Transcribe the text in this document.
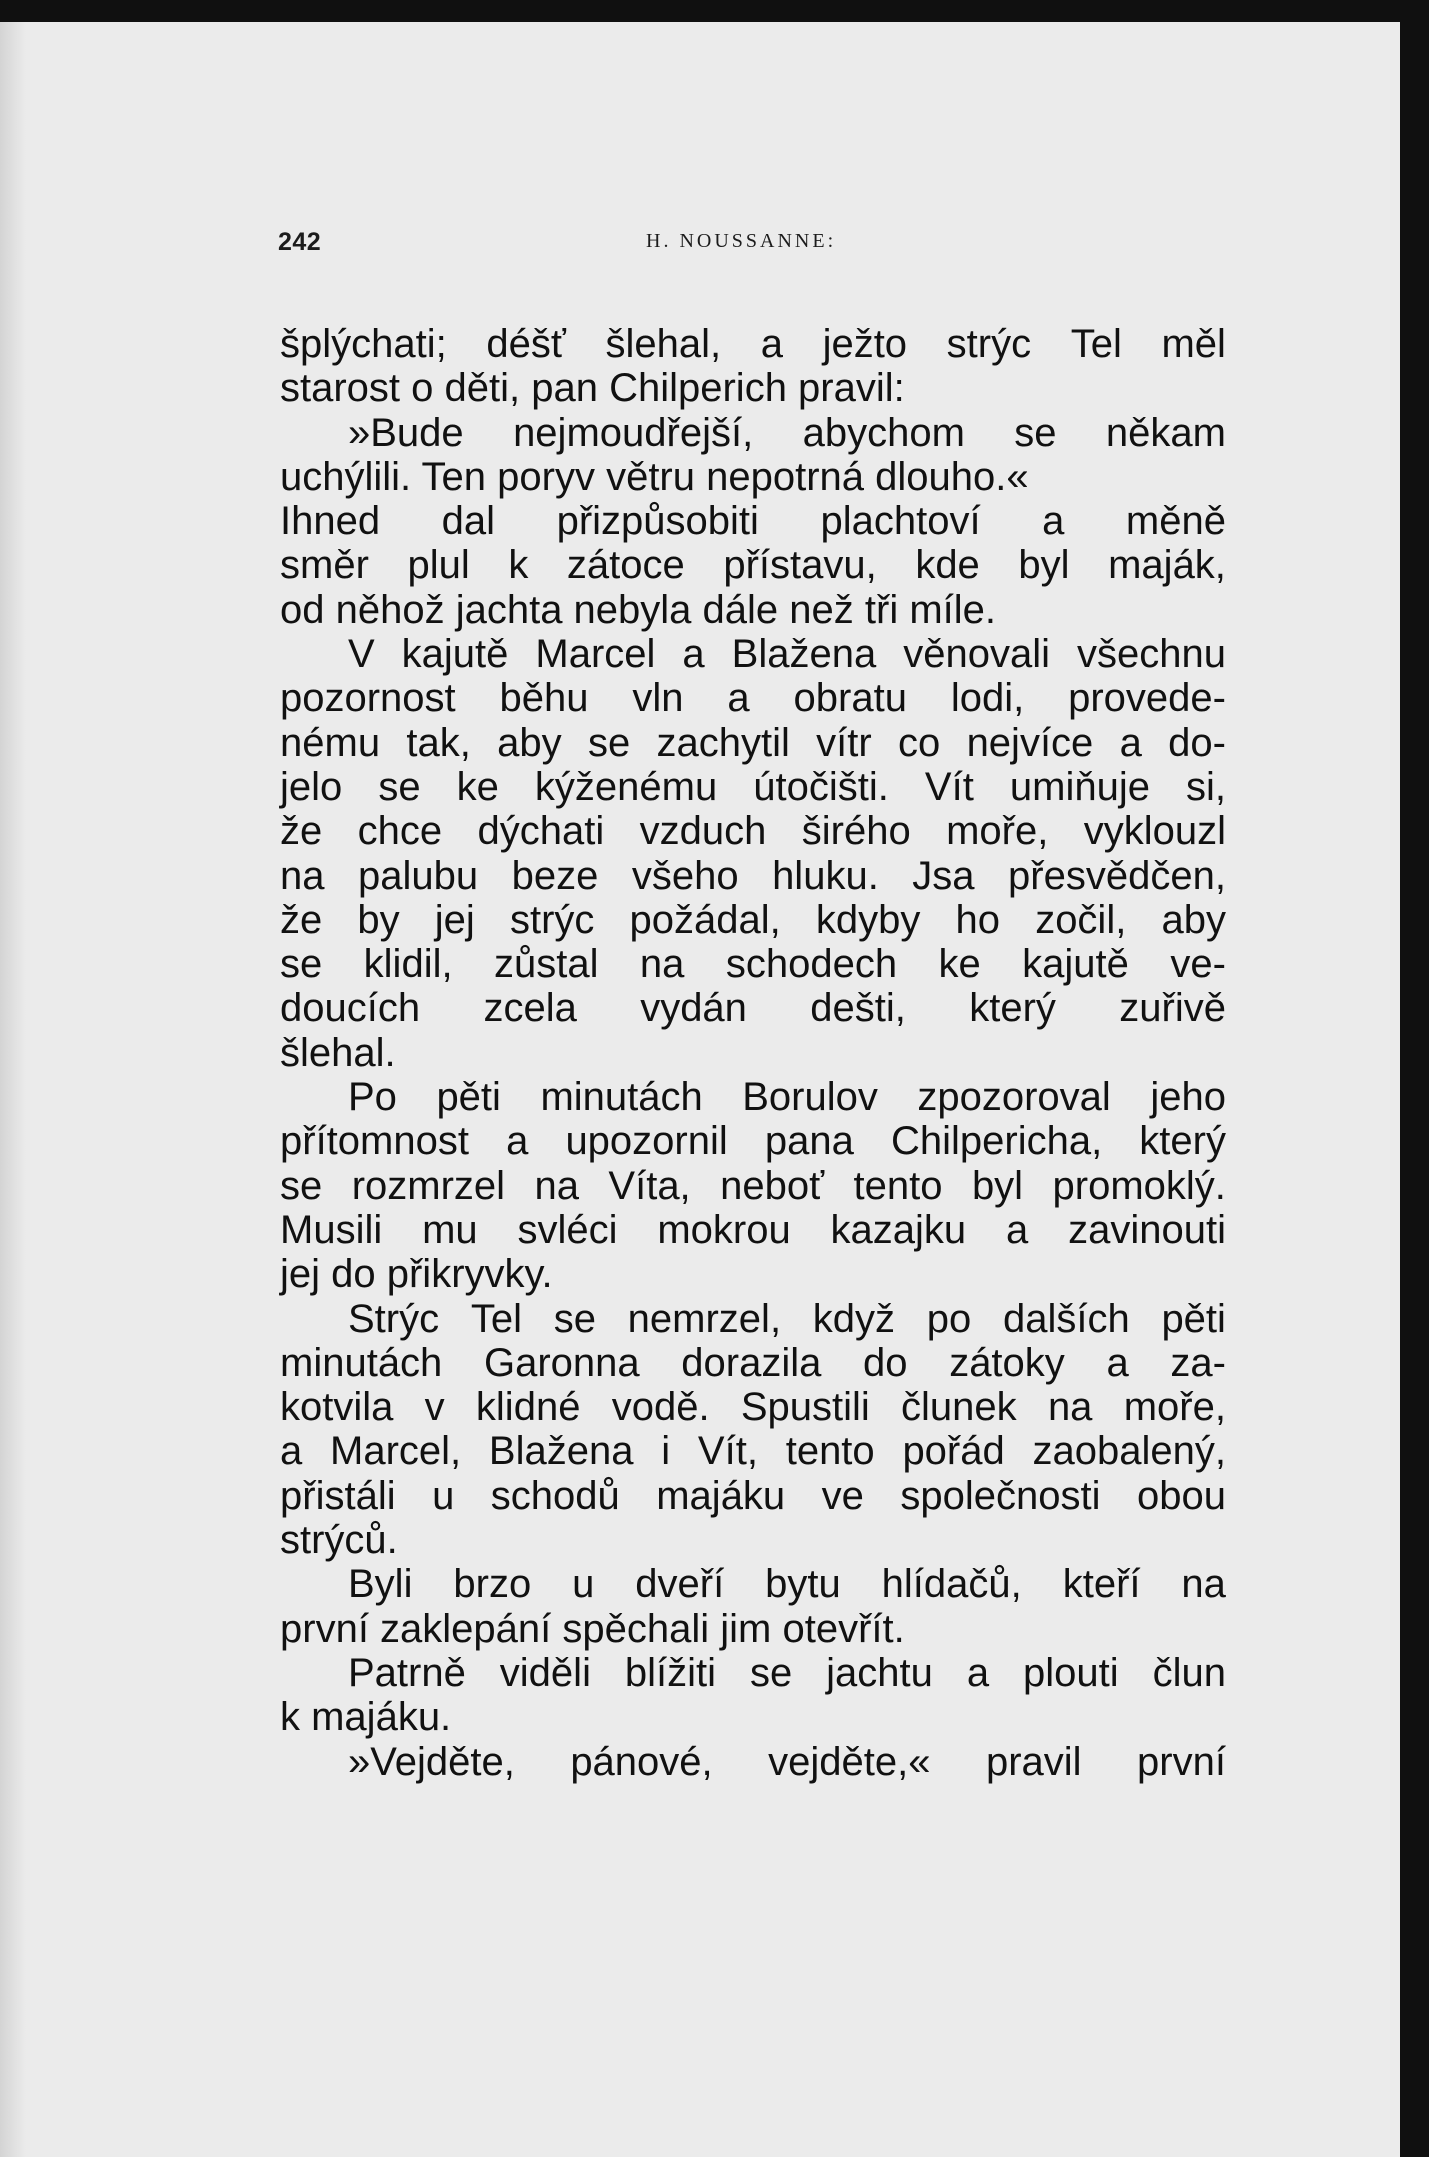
242	H. NOUSSANNE:
šplýchati; déšť šlehal, a ježto strýc Tel měl
starost o děti, pan Chilperich pravil:
»Bude nejmoudřejší, abychom se někam
uchýlili. Ten poryv větru nepotrná dlouho.«
Ihned dal přizpůsobiti plachtoví a měně
směr plul k zátoce přístavu, kde byl maják,
od něhož jachta nebyla dále než tři míle.
V kajutě Marcel a Blažena věnovali všechnu
pozornost běhu vln a obratu lodi, provede-
nému tak, aby se zachytil vítr co nejvíce a do-
jelo se ke kýženému útočišti. Vít umiňuje si,
že chce dýchati vzduch širého moře, vyklouzl
na palubu beze všeho hluku. Jsa přesvědčen,
že by jej strýc požádal, kdyby ho zočil, aby
se klidil, zůstal na schodech ke kajutě ve-
doucích zcela vydán dešti, který zuřivě
šlehal.
Po pěti minutách Borulov zpozoroval jeho
přítomnost a upozornil pana Chilpericha, který
se rozmrzel na Víta, neboť tento byl promoklý.
Musili mu svléci mokrou kazajku a zavinouti
jej do přikryvky.
Strýc Tel se nemrzel, když po dalších pěti
minutách Garonna dorazila do zátoky a za-
kotvila v klidné vodě. Spustili člunek na moře,
a Marcel, Blažena i Vít, tento pořád zaobalený,
přistáli u schodů majáku ve společnosti obou
strýců.
Byli brzo u dveří bytu hlídačů, kteří na
první zaklepání spěchali jim otevřít.
Patrně viděli blížiti se jachtu a plouti člun
k majáku.
»Vejděte, pánové, vejděte,« pravil první
